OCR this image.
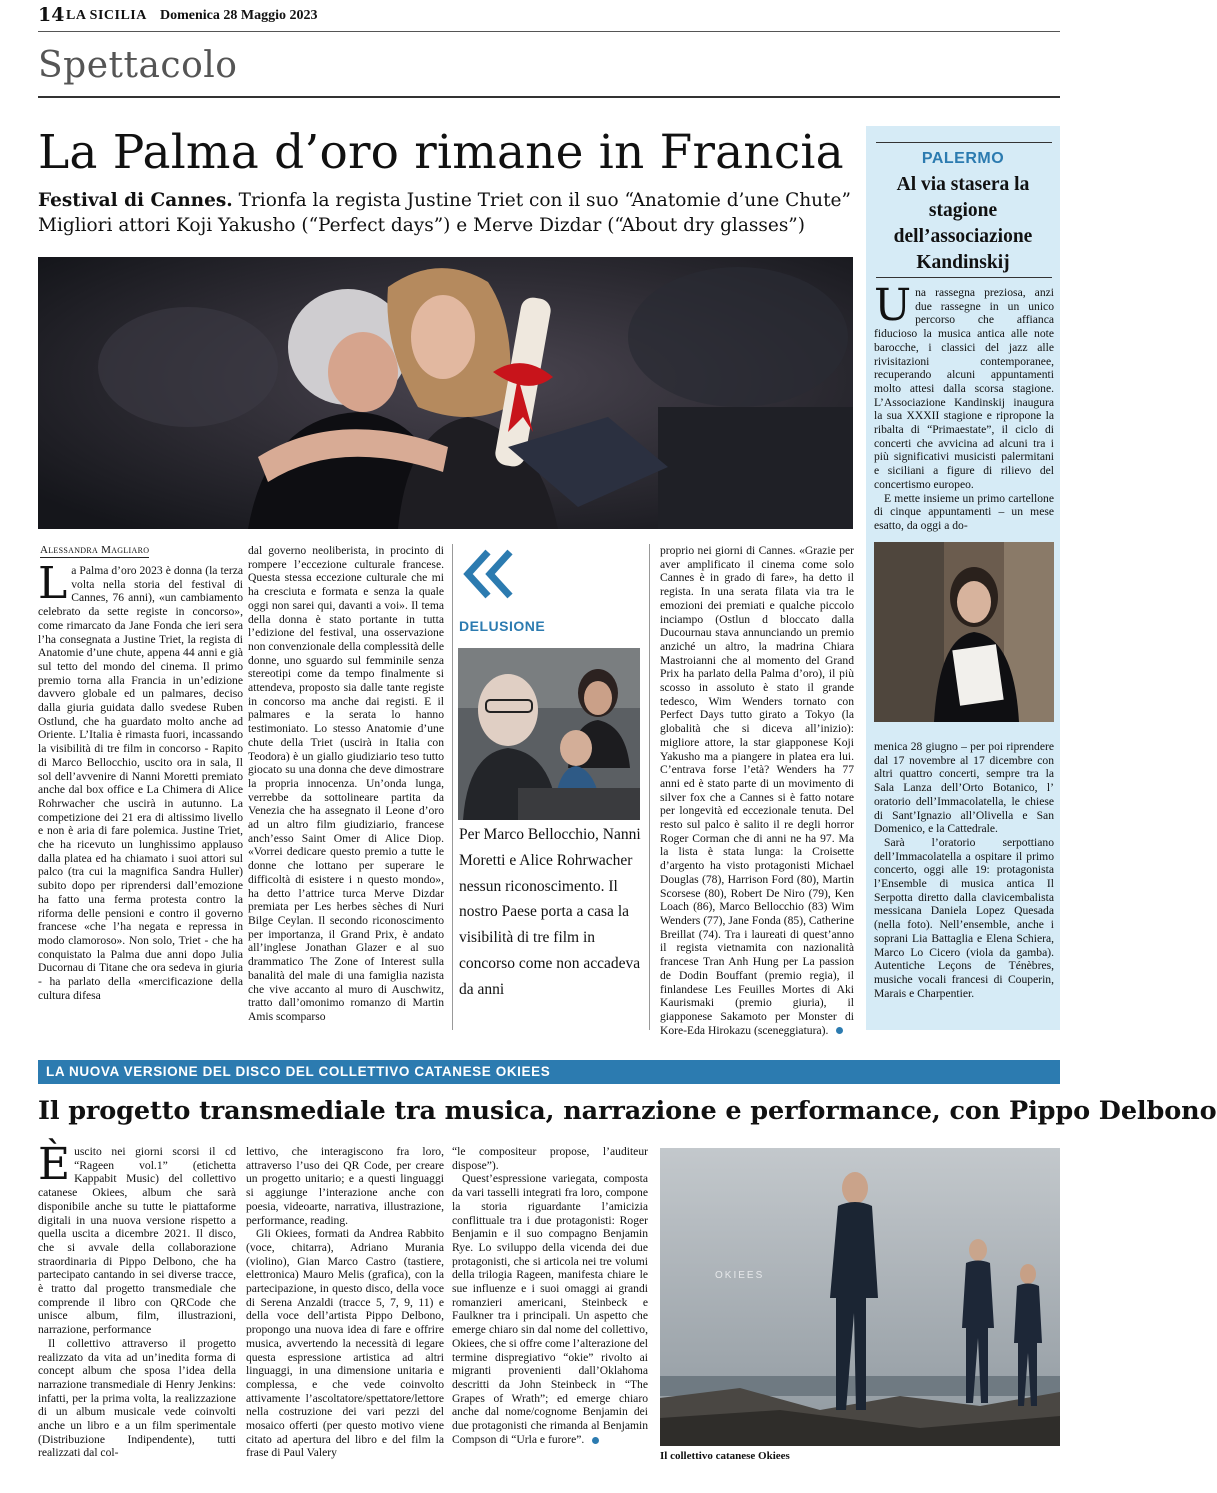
14 LA SICILIA Domenica 28 Maggio 2023
Spettacolo
La Palma d’oro rimane in Francia
Festival di Cannes. Trionfa la regista Justine Triet con il suo “Anatomie d’une Chute”
Migliori attori Koji Yakusho (“Perfect days”) e Merve Dizdar (“About dry glasses”)
Alessandra Magliaro
La Palma d’oro 2023 è donna (la terza volta nella storia del festival di Cannes, 76 anni), «un cambiamento celebrato da sette registe in concorso», come rimarcato da Jane Fonda che ieri sera l’ha consegnata a Justine Triet, la regista di Anatomie d’une chute, appena 44 anni e già sul tetto del mondo del cinema. Il primo premio torna alla Francia in un’edizione davvero globale ed un palmares, deciso dalla giuria guidata dallo svedese Ruben Ostlund, che ha guardato molto anche ad Oriente. L’Italia è rimasta fuori, incassando la visibilità di tre film in concorso - Rapito di Marco Bellocchio, uscito ora in sala, Il sol dell’avvenire di Nanni Moretti premiato anche dal box office e La Chimera di Alice Rohrwacher che uscirà in autunno. La competizione dei 21 era di altissimo livello e non è aria di fare polemica. Justine Triet, che ha ricevuto un lunghissimo applauso dalla platea ed ha chiamato i suoi attori sul palco (tra cui la magnifica Sandra Huller) subito dopo per riprendersi dall’emozione ha fatto una ferma protesta contro la riforma delle pensioni e contro il governo francese «che l’ha negata e repressa in modo clamoroso». Non solo, Triet - che ha conquistato la Palma due anni dopo Julia Ducornau di Titane che ora sedeva in giuria - ha parlato della «mercificazione della cultura difesa
dal governo neoliberista, in procinto di rompere l’eccezione culturale francese. Questa stessa eccezione culturale che mi ha cresciuta e formata e senza la quale oggi non sarei qui, davanti a voi». Il tema della donna è stato portante in tutta l’edizione del festival, una osservazione non convenzionale della complessità delle donne, uno sguardo sul femminile senza stereotipi come da tempo finalmente si attendeva, proposto sia dalle tante registe in concorso ma anche dai registi. E il palmares e la serata lo hanno testimoniato. Lo stesso Anatomie d’une chute della Triet (uscirà in Italia con Teodora) è un giallo giudiziario teso tutto giocato su una donna che deve dimostrare la propria innocenza. Un’onda lunga, verrebbe da sottolineare partita da Venezia che ha assegnato il Leone d’oro ad un altro film giudiziario, francese anch’esso Saint Omer di Alice Diop. «Vorrei dedicare questo premio a tutte le donne che lottano per superare le difficoltà di esistere i n questo mondo», ha detto l’attrice turca Merve Dizdar premiata per Les herbes sèches di Nuri Bilge Ceylan. Il secondo riconoscimento per importanza, il Grand Prix, è andato all’inglese Jonathan Glazer e al suo drammatico The Zone of Interest sulla banalità del male di una famiglia nazista che vive accanto al muro di Auschwitz, tratto dall’omonimo romanzo di Martin Amis scomparso
DELUSIONE
Per Marco Bellocchio, Nanni Moretti e Alice Rohrwacher nessun riconoscimento. Il nostro Paese porta a casa la visibilità di tre film in concorso come non accadeva da anni
proprio nei giorni di Cannes. «Grazie per aver amplificato il cinema come solo Cannes è in grado di fare», ha detto il regista. In una serata filata via tra le emozioni dei premiati e qualche piccolo inciampo (Ostlun d bloccato dalla Ducournau stava annunciando un premio anziché un altro, la madrina Chiara Mastroianni che al momento del Grand Prix ha parlato della Palma d’oro), il più scosso in assoluto è stato il grande tedesco, Wim Wenders tornato con Perfect Days tutto girato a Tokyo (la globalità che si diceva all’inizio): migliore attore, la star giapponese Koji Yakusho ma a piangere in platea era lui. C’entrava forse l’età? Wenders ha 77 anni ed è stato parte di un movimento di silver fox che a Cannes si è fatto notare per longevità ed eccezionale tenuta. Del resto sul palco è salito il re degli horror Roger Corman che di anni ne ha 97. Ma la lista è stata lunga: la Croisette d’argento ha visto protagonisti Michael Douglas (78), Harrison Ford (80), Martin Scorsese (80), Robert De Niro (79), Ken Loach (86), Marco Bellocchio (83) Wim Wenders (77), Jane Fonda (85), Catherine Breillat (74). Tra i laureati di quest’anno il regista vietnamita con nazionalità francese Tran Anh Hung per La passion de Dodin Bouffant (premio regia), il finlandese Les Feuilles Mortes di Aki Kaurismaki (premio giuria), il giapponese Sakamoto per Monster di Kore-Eda Hirokazu (sceneggiatura).
PALERMO
Al via stasera la stagione dell’associazione Kandinskij
Una rassegna preziosa, anzi due rassegne in un unico percorso che affianca fiducioso la musica antica alle note barocche, i classici del jazz alle rivisitazioni contemporanee, recuperando alcuni appuntamenti molto attesi dalla scorsa stagione. L’Associazione Kandinskij inaugura la sua XXXII stagione e ripropone la ribalta di “Primaestate”, il ciclo di concerti che avvicina ad alcuni tra i più significativi musicisti palermitani e siciliani a figure di rilievo del concertismo europeo.

E mette insieme un primo cartellone di cinque appuntamenti – un mese esatto, da oggi a do-

menica 28 giugno – per poi riprendere dal 17 novembre al 17 dicembre con altri quattro concerti, sempre tra la Sala Lanza dell’Orto Botanico, l’ oratorio dell’Immacolatella, le chiese di Sant’Ignazio all’Olivella e San Domenico, e la Cattedrale.

Sarà l’oratorio serpottiano dell’Immacolatella a ospitare il primo concerto, oggi alle 19: protagonista l’Ensemble di musica antica Il Serpotta diretto dalla clavicembalista messicana Daniela Lopez Quesada (nella foto). Nell’ensemble, anche i soprani Lia Battaglia e Elena Schiera, Marco Lo Cicero (viola da gamba). Autentiche Leçons de Ténèbres, musiche vocali francesi di Couperin, Marais e Charpentier.

LA NUOVA VERSIONE DEL DISCO DEL COLLETTIVO CATANESE OKIEES
Il progetto transmediale tra musica, narrazione e performance, con Pippo Delbono
Èuscito nei giorni scorsi il cd “Rageen vol.1” (etichetta Kappabit Music) del collettivo catanese Okiees, album che sarà disponibile anche su tutte le piattaforme digitali in una nuova versione rispetto a quella uscita a dicembre 2021. Il disco, che si avvale della collaborazione straordinaria di Pippo Delbono, che ha partecipato cantando in sei diverse tracce, è tratto dal progetto transmediale che comprende il libro con QRCode che unisce album, film, illustrazioni, narrazione, performance

Il collettivo attraverso il progetto realizzato da vita ad un’inedita forma di concept album che sposa l’idea della narrazione transmediale di Henry Jenkins: infatti, per la prima volta, la realizzazione di un album musicale vede coinvolti anche un libro e a un film sperimentale (Distribuzione Indipendente), tutti realizzati dal col-

lettivo, che interagiscono fra loro, attraverso l’uso dei QR Code, per creare un progetto unitario; e a questi linguaggi si aggiunge l’interazione anche con poesia, videoarte, narrativa, illustrazione, performance, reading.

Gli Okiees, formati da Andrea Rabbito (voce, chitarra), Adriano Murania (violino), Gian Marco Castro (tastiere, elettronica) Mauro Melis (grafica), con la partecipazione, in questo disco, della voce di Serena Anzaldi (tracce 5, 7, 9, 11) e della voce dell’artista Pippo Delbono, propongo una nuova idea di fare e offrire musica, avvertendo la necessità di legare questa espressione artistica ad altri linguaggi, in una dimensione unitaria e complessa, e che vede coinvolto attivamente l’ascoltatore/spettatore/lettore nella costruzione dei vari pezzi del mosaico offerti (per questo motivo viene citato ad apertura del libro e del film la frase di Paul Valery

“le compositeur propose, l’auditeur dispose”).

Quest’espressione variegata, composta da vari tasselli integrati fra loro, compone la storia riguardante l’amicizia conflittuale tra i due protagonisti: Roger Benjamin e il suo compagno Benjamin Rye. Lo sviluppo della vicenda dei due protagonisti, che si articola nei tre volumi della trilogia Rageen, manifesta chiare le sue influenze e i suoi omaggi ai grandi romanzieri americani, Steinbeck e Faulkner tra i principali. Un aspetto che emerge chiaro sin dal nome del collettivo, Okiees, che si offre come l’alterazione del termine dispregiativo “okie” rivolto ai migranti provenienti dall’Oklahoma descritti da John Steinbeck in “The Grapes of Wrath”; ed emerge chiaro anche dal nome/cognome Benjamin dei due protagonisti che rimanda al Benjamin Compson di “Urla e furore”.

OKIEES
Il collettivo catanese Okiees
